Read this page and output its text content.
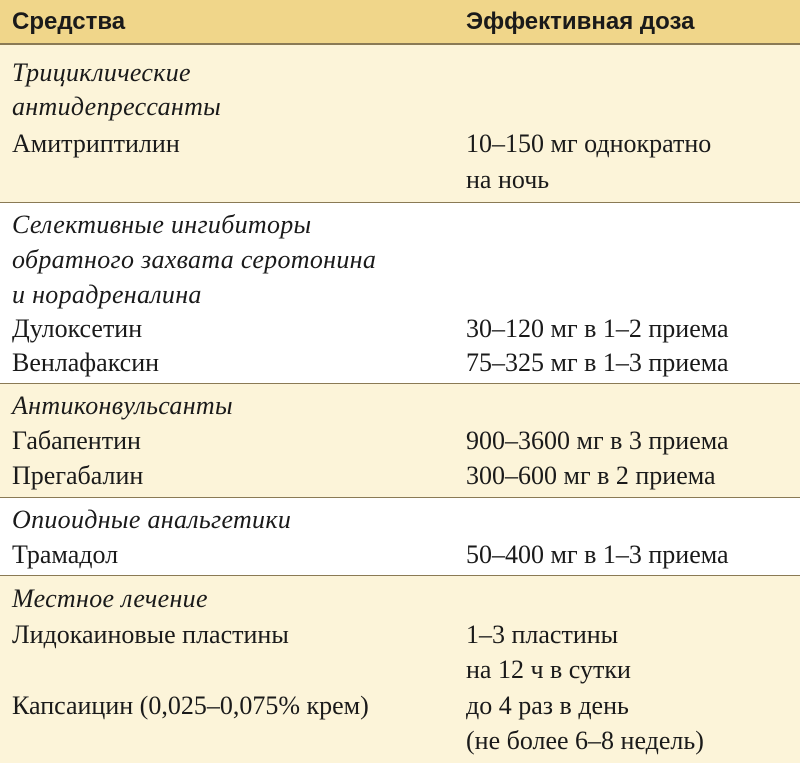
Средства	Эффективная доза
Трициклические
антидепрессанты
Амитриптилин	10–150 мг однократно
на ночь
Селективные ингибиторы
обратного захвата серотонина
и норадреналина
Дулоксетин	30–120 мг в 1–2 приема
Венлафаксин	75–325 мг в 1–3 приема
Антиконвульсанты
Габапентин	900–3600 мг в 3 приема
Прегабалин	300–600 мг в 2 приема
Опиоидные анальгетики
Трамадол	50–400 мг в 1–3 приема
Местное лечение
Лидокаиновые пластины	1–3 пластины
на 12 ч в сутки
Капсаицин (0,025–0,075% крем)	до 4 раз в день
(не более 6–8 недель)
